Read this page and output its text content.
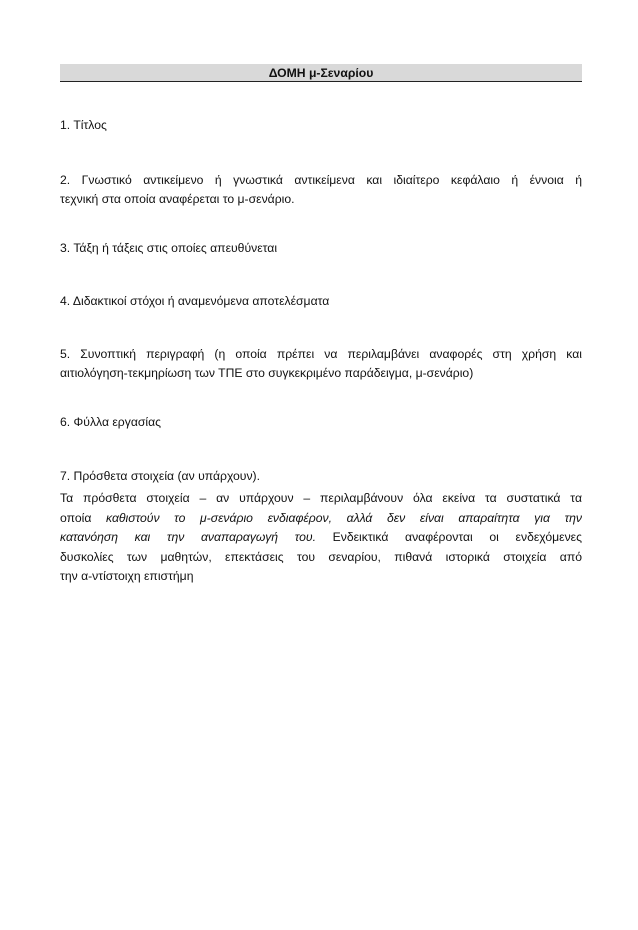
ΔΟΜΗ μ-Σεναρίου
1. Τίτλος
2. Γνωστικό αντικείμενο ή γνωστικά αντικείμενα και ιδιαίτερο κεφάλαιο ή έννοια ή
τεχνική στα οποία αναφέρεται το μ-σενάριο.
3. Τάξη ή τάξεις στις οποίες απευθύνεται
4. Διδακτικοί στόχοι ή αναμενόμενα αποτελέσματα
5. Συνοπτική περιγραφή (η οποία πρέπει να περιλαμβάνει αναφορές στη χρήση και
αιτιολόγηση-τεκμηρίωση των ΤΠΕ στο συγκεκριμένο παράδειγμα, μ-σενάριο)
6. Φύλλα εργασίας
7. Πρόσθετα στοιχεία (αν υπάρχουν).
Τα πρόσθετα στοιχεία – αν υπάρχουν – περιλαμβάνουν όλα εκείνα τα συστατικά τα
οποία καθιστούν το μ-σενάριο ενδιαφέρον, αλλά δεν είναι απαραίτητα για την
κατανόηση και την αναπαραγωγή του. Ενδεικτικά αναφέρονται οι ενδεχόμενες
δυσκολίες των μαθητών, επεκτάσεις του σεναρίου, πιθανά ιστορικά στοιχεία από
την α-ντίστοιχη επιστήμη
